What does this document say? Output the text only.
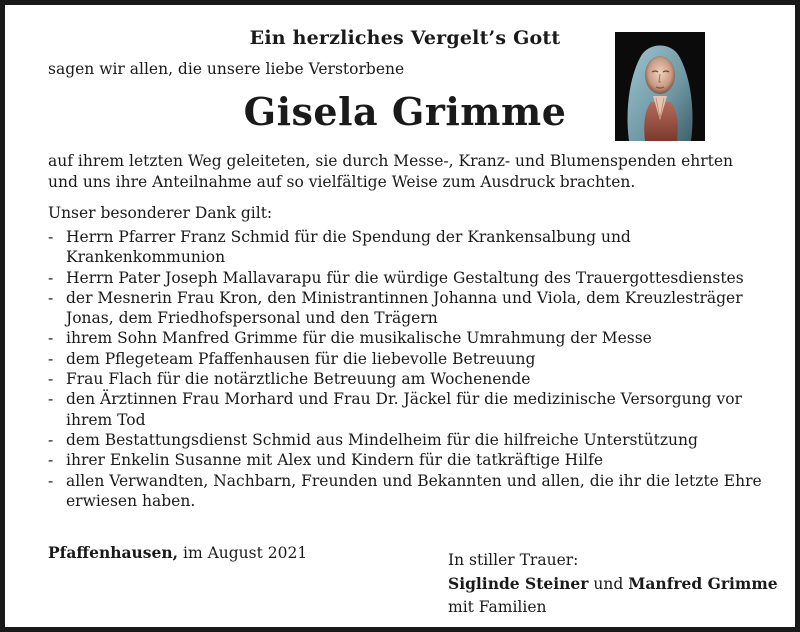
Ein herzliches Vergelt’s Gott
sagen wir allen, die unsere liebe Verstorbene
Gisela Grimme

auf ihrem letzten Weg geleiteten, sie durch Messe-, Kranz- und Blumenspenden ehrten und uns ihre Anteilnahme auf so vielfältige Weise zum Ausdruck brachten.

Unser besonderer Dank gilt:
- Herrn Pfarrer Franz Schmid für die Spendung der Krankensalbung und Krankenkommunion
- Herrn Pater Joseph Mallavarapu für die würdige Gestaltung des Trauergottesdienstes
- der Mesnerin Frau Kron, den Ministrantinnen Johanna und Viola, dem Kreuzlesträger Jonas, dem Friedhofspersonal und den Trägern
- ihrem Sohn Manfred Grimme für die musikalische Umrahmung der Messe
- dem Pflegeteam Pfaffenhausen für die liebevolle Betreuung
- Frau Flach für die notärztliche Betreuung am Wochenende
- den Ärztinnen Frau Morhard und Frau Dr. Jäckel für die medizinische Versorgung vor ihrem Tod
- dem Bestattungsdienst Schmid aus Mindelheim für die hilfreiche Unterstützung
- ihrer Enkelin Susanne mit Alex und Kindern für die tatkräftige Hilfe
- allen Verwandten, Nachbarn, Freunden und Bekannten und allen, die ihr die letzte Ehre erwiesen haben.
Pfaffenhausen, im August 2021	In stiller Trauer:
Siglinde Steiner und Manfred Grimme
mit Familien
